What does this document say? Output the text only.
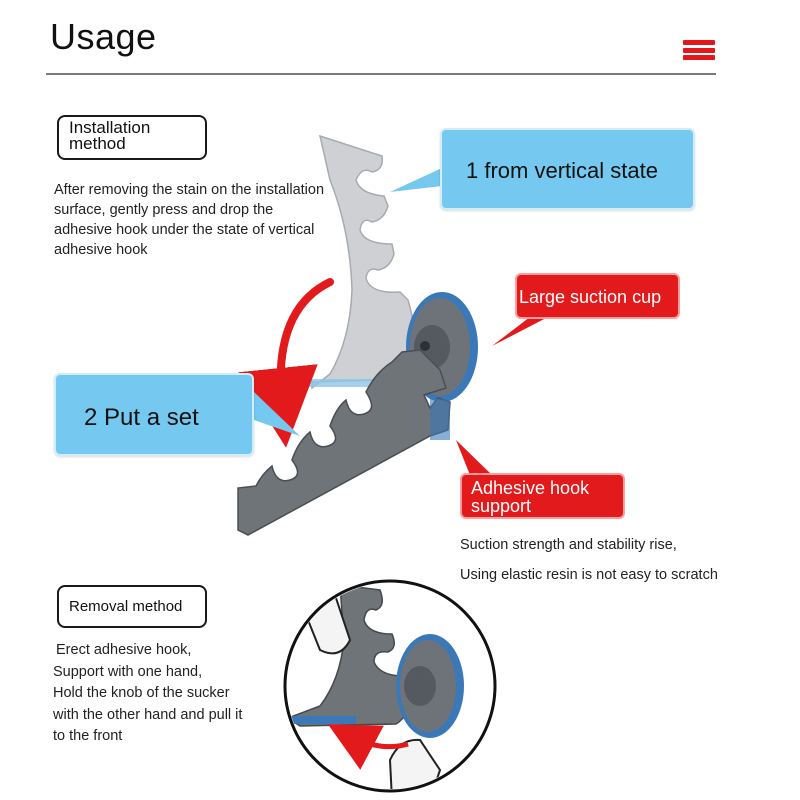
Usage
Installation method
After removing the stain on the installation surface, gently press and drop the adhesive hook under the state of vertical adhesive hook
1 from vertical state
2 Put a set
Large suction cup
Adhesive hook support
Suction strength and stability rise,
Using elastic resin is not easy to scratch
Removal method
Erect adhesive hook,
Support with one hand,
Hold the knob of the sucker
with the other hand and pull it
to the front
